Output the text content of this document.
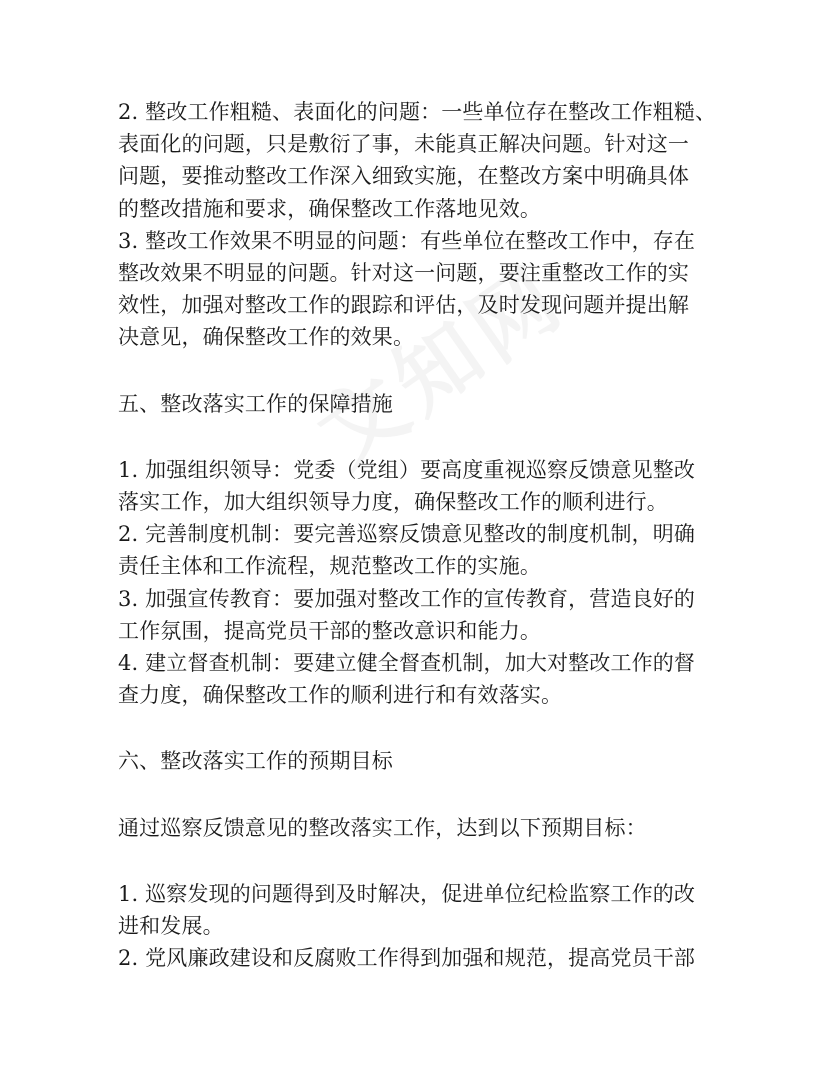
2. 整改工作粗糙、表面化的问题：一些单位存在整改工作粗糙、
表面化的问题，只是敷衍了事，未能真正解决问题。针对这一
问题，要推动整改工作深入细致实施，在整改方案中明确具体
的整改措施和要求，确保整改工作落地见效。
3. 整改工作效果不明显的问题：有些单位在整改工作中，存在
整改效果不明显的问题。针对这一问题，要注重整改工作的实
效性，加强对整改工作的跟踪和评估，及时发现问题并提出解
决意见，确保整改工作的效果。
五、整改落实工作的保障措施
1. 加强组织领导：党委（党组）要高度重视巡察反馈意见整改
落实工作，加大组织领导力度，确保整改工作的顺利进行。
2. 完善制度机制：要完善巡察反馈意见整改的制度机制，明确
责任主体和工作流程，规范整改工作的实施。
3. 加强宣传教育：要加强对整改工作的宣传教育，营造良好的
工作氛围，提高党员干部的整改意识和能力。
4. 建立督查机制：要建立健全督查机制，加大对整改工作的督
查力度，确保整改工作的顺利进行和有效落实。
六、整改落实工作的预期目标
通过巡察反馈意见的整改落实工作，达到以下预期目标：
1. 巡察发现的问题得到及时解决，促进单位纪检监察工作的改
进和发展。
2. 党风廉政建设和反腐败工作得到加强和规范，提高党员干部
